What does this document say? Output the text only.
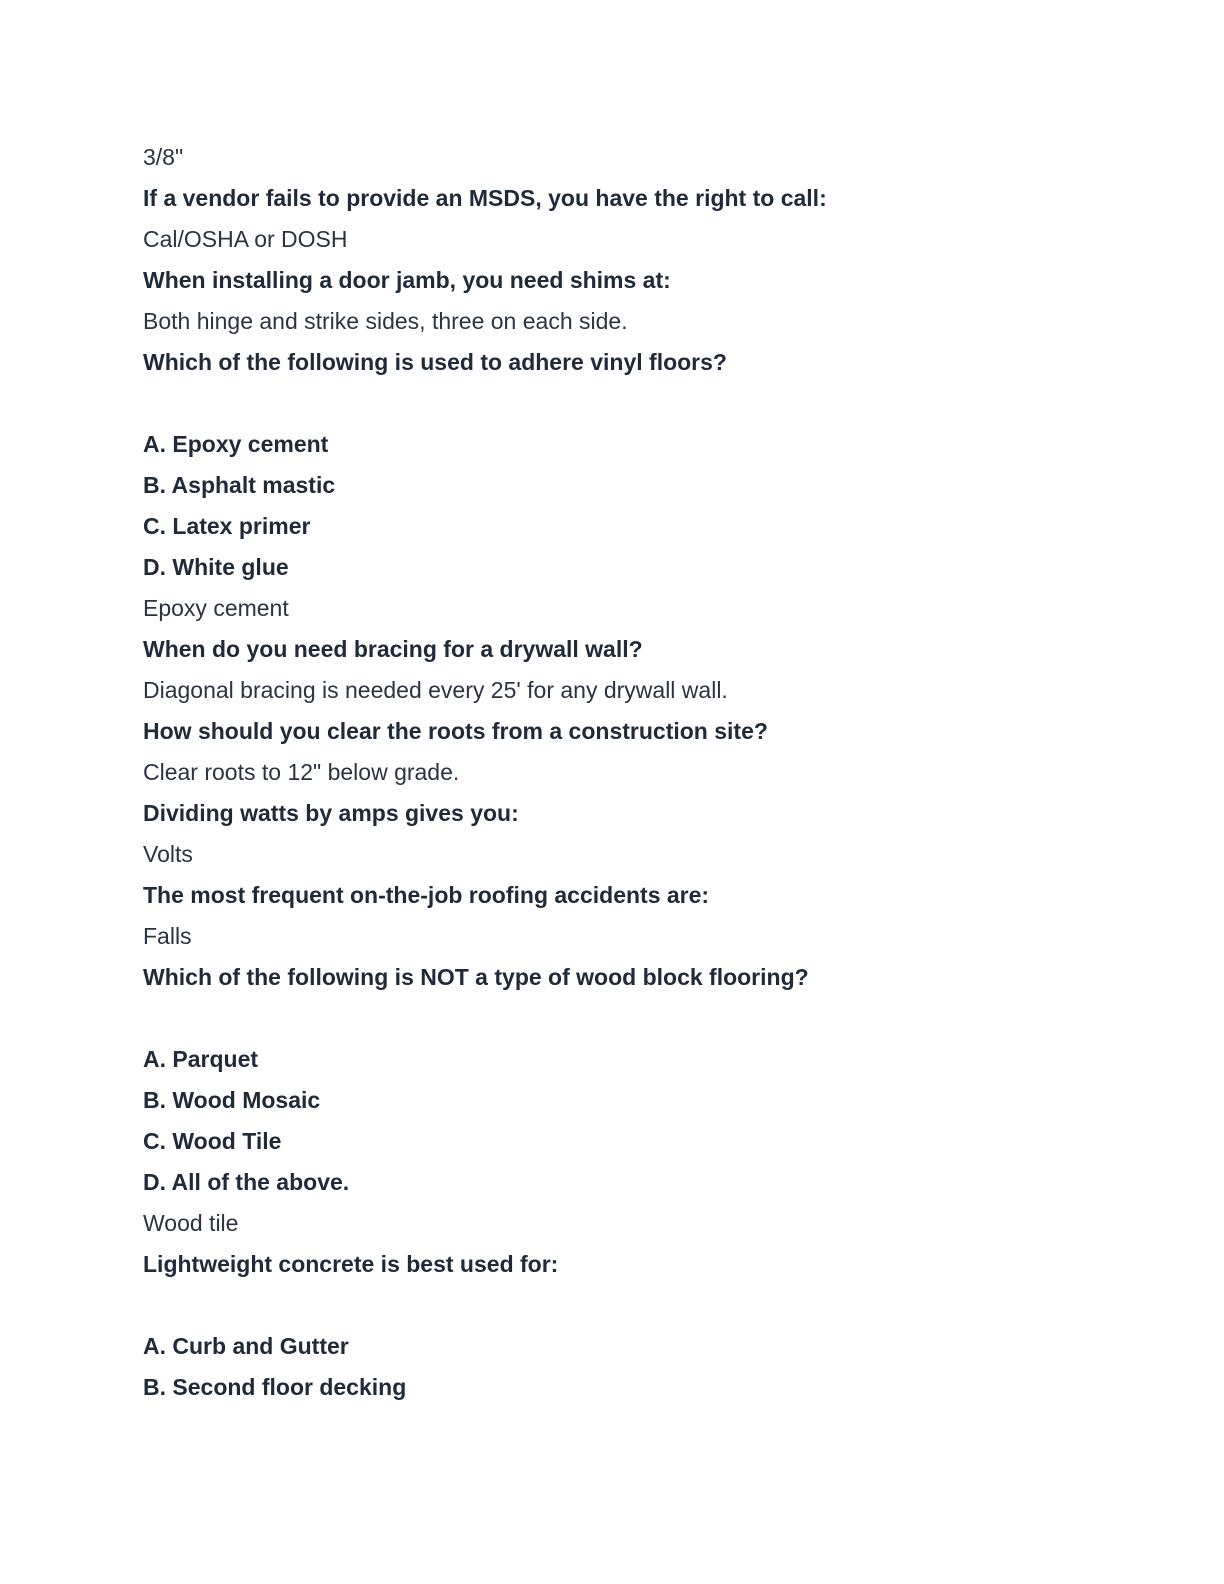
3/8"

If a vendor fails to provide an MSDS, you have the right to call:

Cal/OSHA or DOSH

When installing a door jamb, you need shims at:

Both hinge and strike sides, three on each side.

Which of the following is used to adhere vinyl floors?

A. Epoxy cement

B. Asphalt mastic

C. Latex primer

D. White glue

Epoxy cement

When do you need bracing for a drywall wall?

Diagonal bracing is needed every 25' for any drywall wall.

How should you clear the roots from a construction site?

Clear roots to 12" below grade.

Dividing watts by amps gives you:

Volts

The most frequent on-the-job roofing accidents are:

Falls

Which of the following is NOT a type of wood block flooring?

A. Parquet

B. Wood Mosaic

C. Wood Tile

D. All of the above.

Wood tile

Lightweight concrete is best used for:

A. Curb and Gutter

B. Second floor decking
